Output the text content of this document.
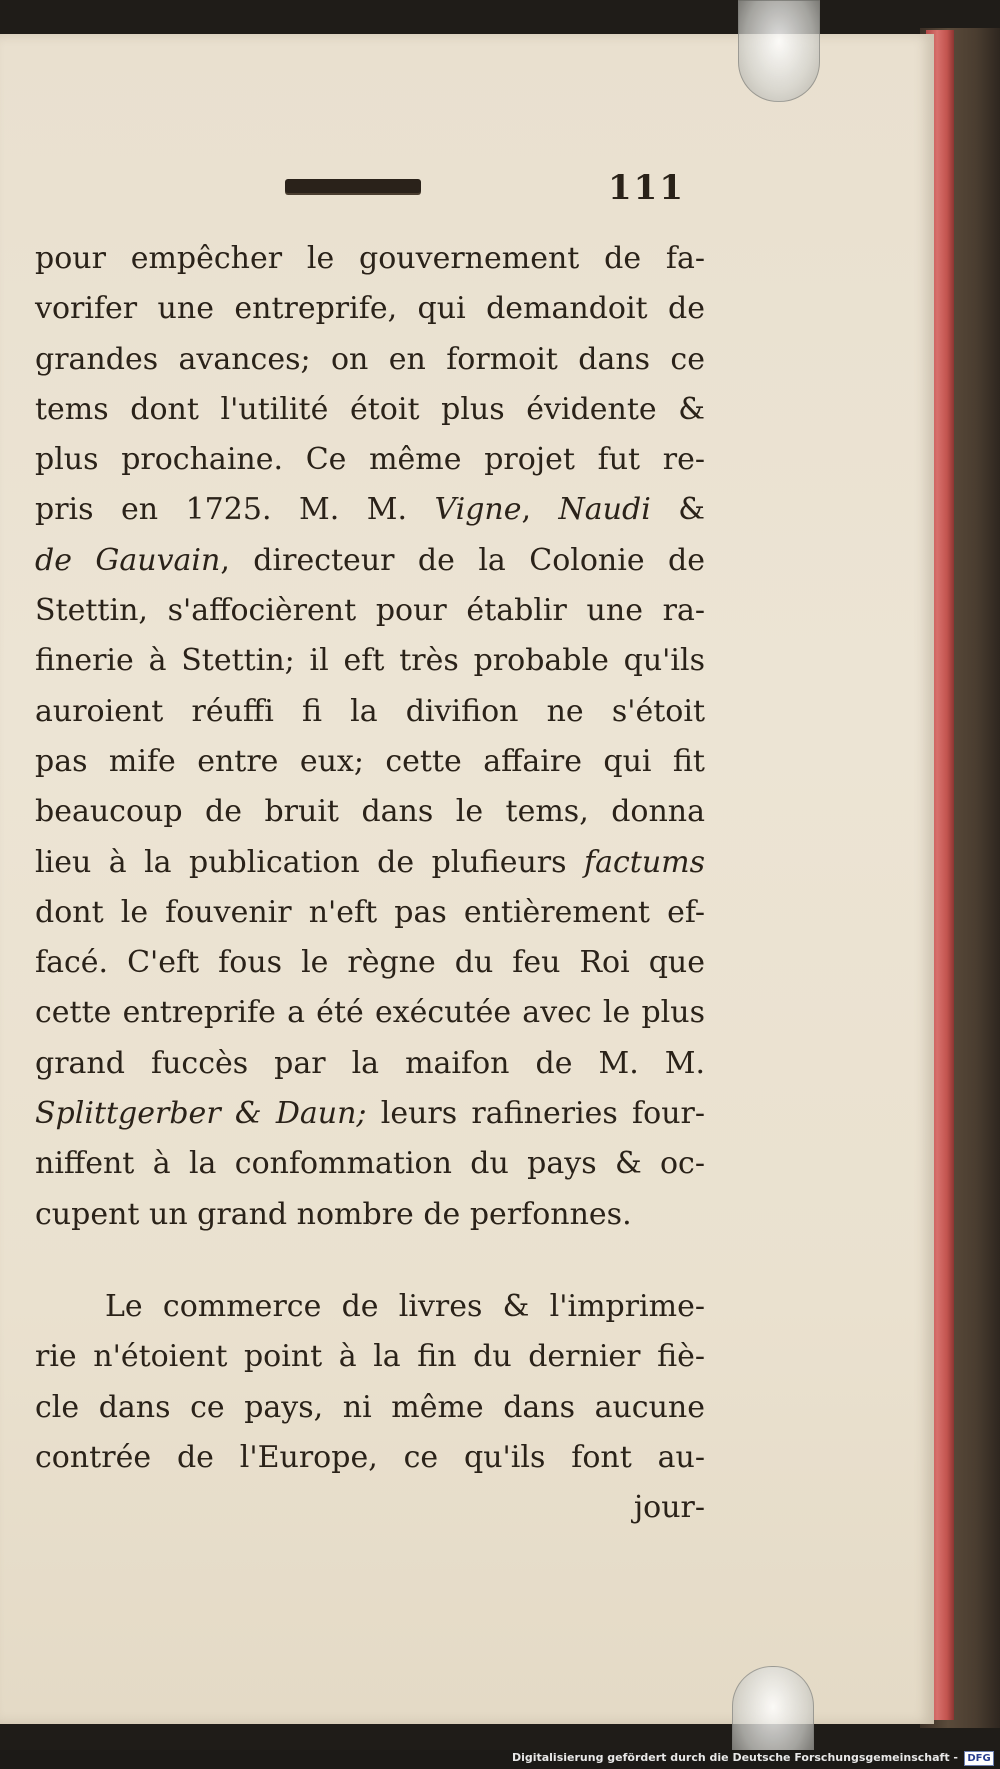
111
pour empêcher le gouvernement de fa-
vorifer une entreprife, qui demandoit de
grandes avances; on en formoit dans ce
tems dont l'utilité étoit plus évidente &
plus prochaine. Ce même projet fut re-
pris en 1725. M. M. Vigne, Naudi &
de Gauvain, directeur de la Colonie de
Stettin, s'affocièrent pour établir une ra-
finerie à Stettin; il eft très probable qu'ils
auroient réuffi fi la divifion ne s'étoit
pas mife entre eux; cette affaire qui fit
beaucoup de bruit dans le tems, donna
lieu à la publication de plufieurs factums
dont le fouvenir n'eft pas entièrement ef-
facé. C'eft fous le règne du feu Roi que
cette entreprife a été exécutée avec le plus
grand fuccès par la maifon de M. M.
Splittgerber & Daun; leurs rafineries four-
niffent à la confommation du pays & oc-
cupent un grand nombre de perfonnes.
Le commerce de livres & l'imprime-
rie n'étoient point à la fin du dernier fiè-
cle dans ce pays, ni même dans aucune
contrée de l'Europe, ce qu'ils font au-
jour-
Digitalisierung gefördert durch die Deutsche Forschungsgemeinschaft - DFG
